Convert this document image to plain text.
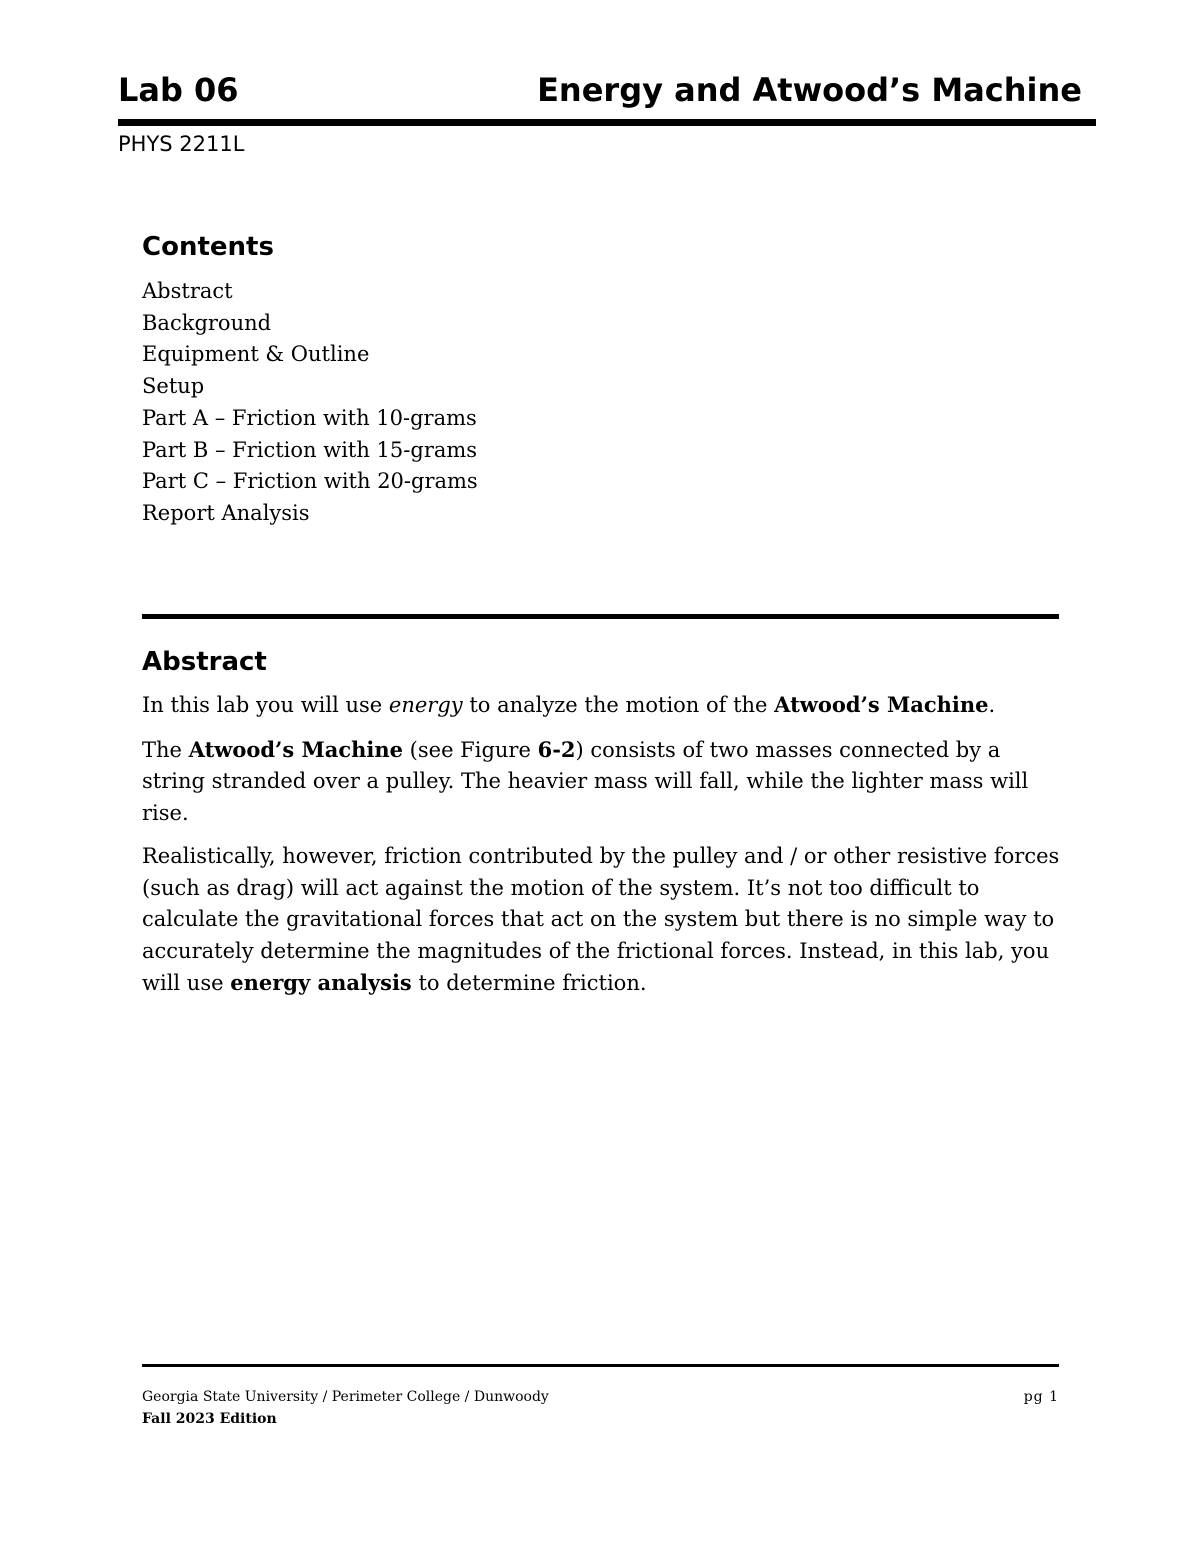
Lab 06	Energy and Atwood’s Machine
PHYS 2211L
Contents
Abstract
Background
Equipment & Outline
Setup
Part A – Friction with 10-grams
Part B – Friction with 15-grams
Part C – Friction with 20-grams
Report Analysis
Abstract

In this lab you will use energy to analyze the motion of the Atwood’s Machine.

The Atwood’s Machine (see Figure 6-2) consists of two masses connected by a string stranded over a pulley. The heavier mass will fall, while the lighter mass will rise.

Realistically, however, friction contributed by the pulley and / or other resistive forces (such as drag) will act against the motion of the system. It’s not too difficult to calculate the gravitational forces that act on the system but there is no simple way to accurately determine the magnitudes of the frictional forces. Instead, in this lab, you will use energy analysis to determine friction.

Georgia State University / Perimeter College / Dunwoody
Fall 2023 Edition
pg 1
